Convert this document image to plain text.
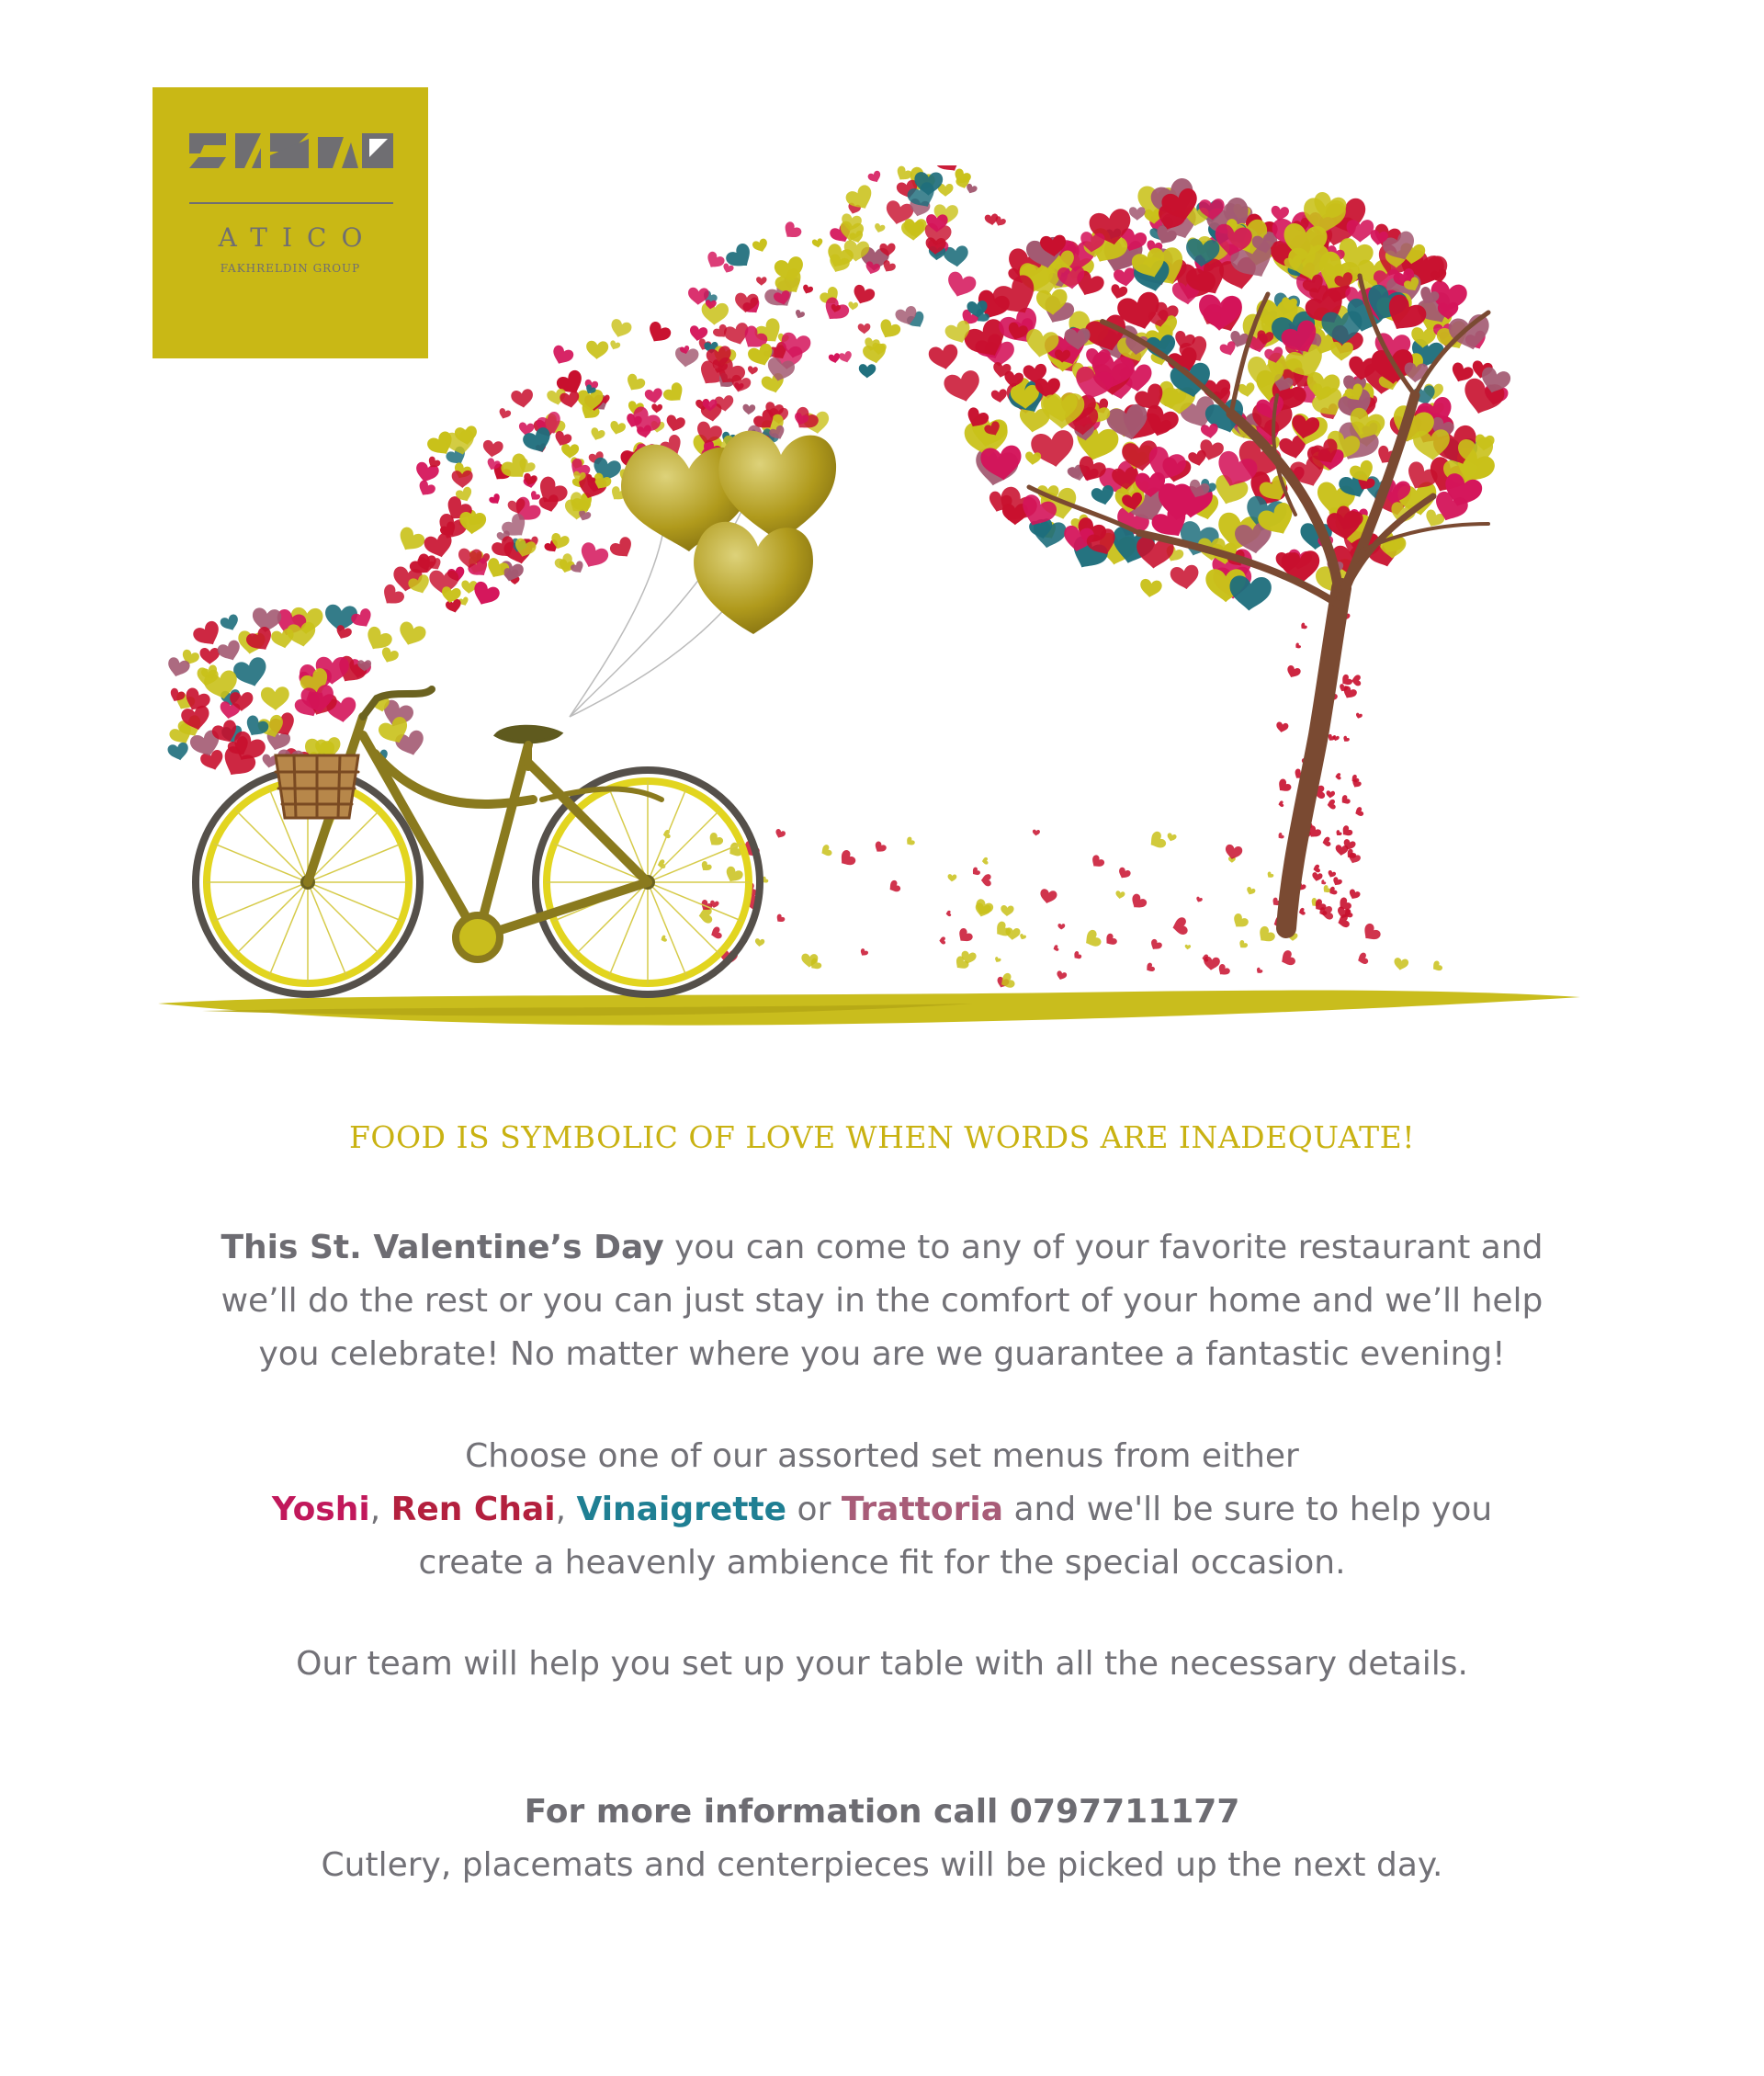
ATICO
FAKHRELDIN GROUP
FOOD IS SYMBOLIC OF LOVE WHEN WORDS ARE INADEQUATE!
This St. Valentine’s Day you can come to any of your favorite restaurant and
we’ll do the rest or you can just stay in the comfort of your home and we’ll help
you celebrate! No matter where you are we guarantee a fantastic evening!
Choose one of our assorted set menus from either
Yoshi, Ren Chai, Vinaigrette or Trattoria and we'll be sure to help you
create a heavenly ambience fit for the special occasion.
Our team will help you set up your table with all the necessary details.
For more information call 0797711177
Cutlery, placemats and centerpieces will be picked up the next day.
